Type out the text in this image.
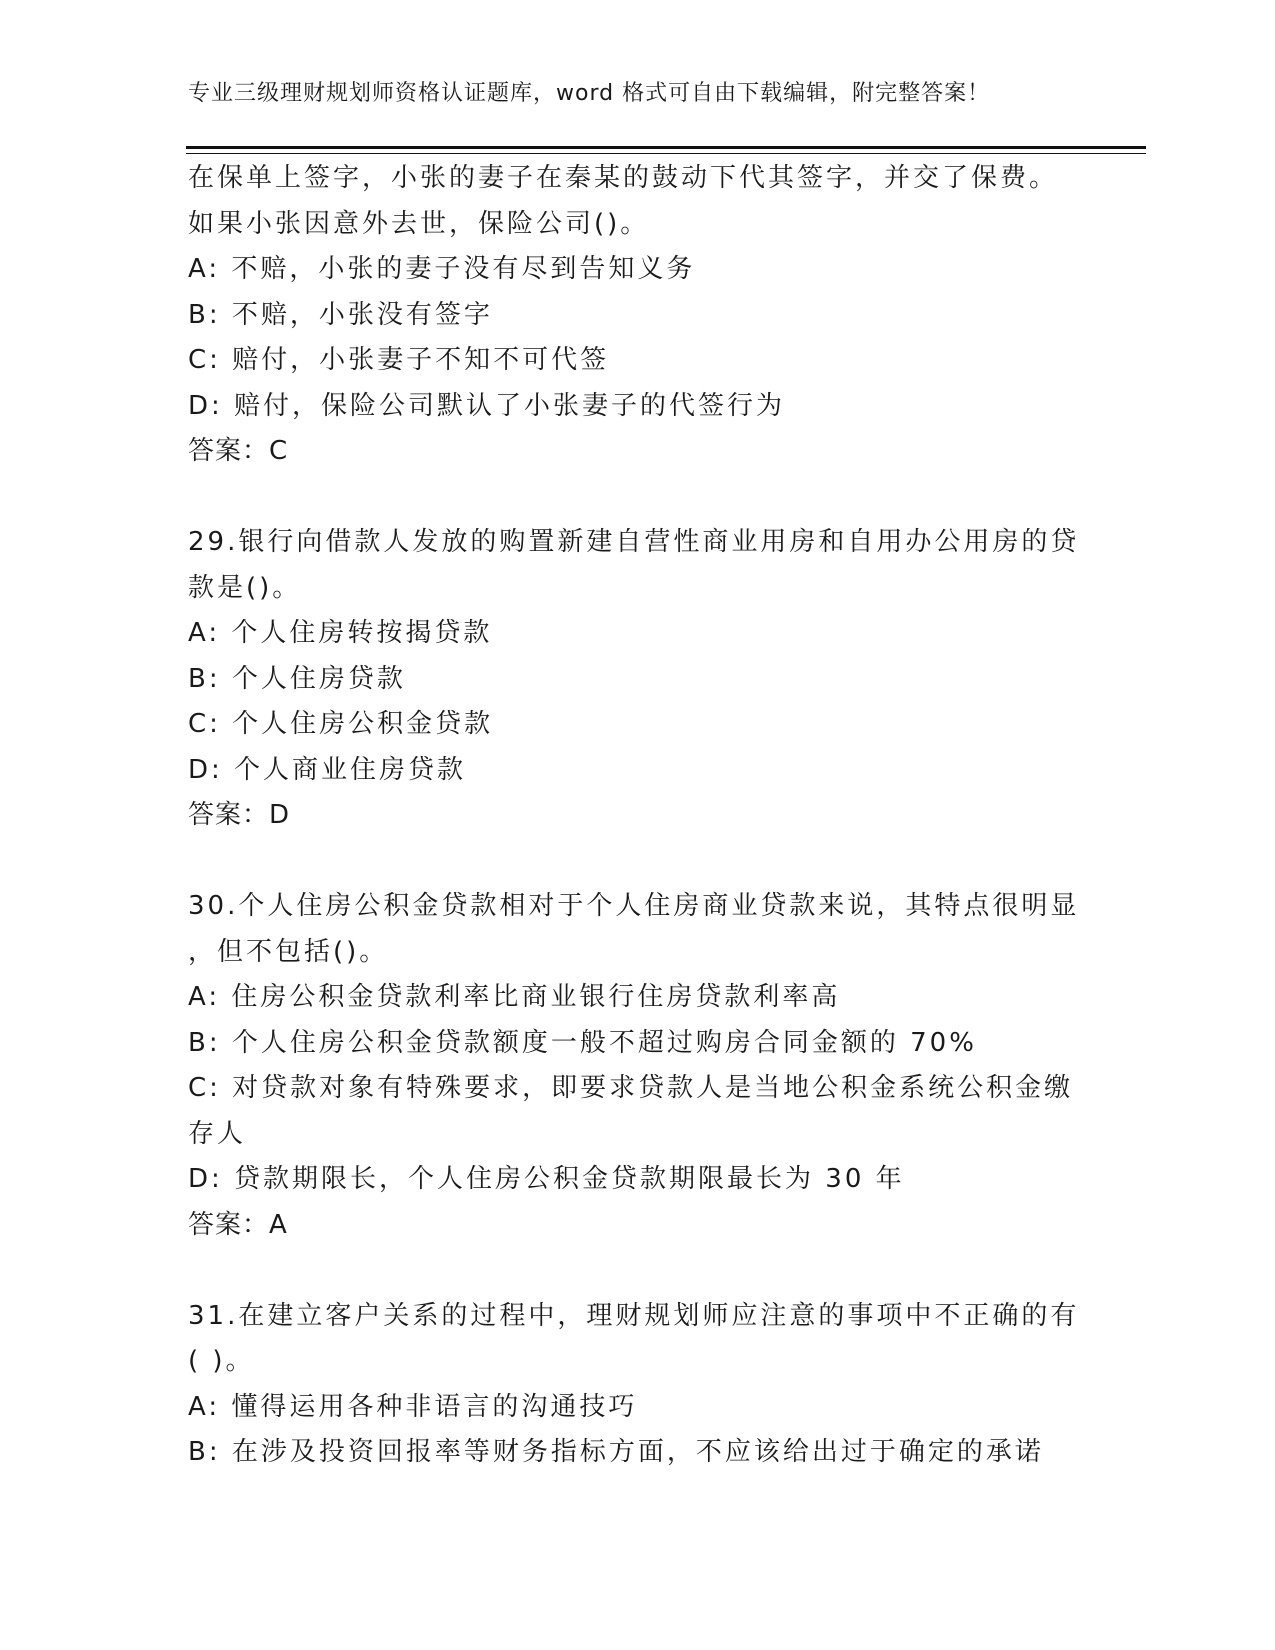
专业三级理财规划师资格认证题库，word 格式可自由下载编辑，附完整答案！
在保单上签字，小张的妻子在秦某的鼓动下代其签字，并交了保费。
如果小张因意外去世，保险公司()。
A: 不赔，小张的妻子没有尽到告知义务
B: 不赔，小张没有签字
C: 赔付，小张妻子不知不可代签
D: 赔付，保险公司默认了小张妻子的代签行为
答案：C
29.银行向借款人发放的购置新建自营性商业用房和自用办公用房的贷
款是()。
A: 个人住房转按揭贷款
B: 个人住房贷款
C: 个人住房公积金贷款
D: 个人商业住房贷款
答案：D
30.个人住房公积金贷款相对于个人住房商业贷款来说，其特点很明显
，但不包括()。
A: 住房公积金贷款利率比商业银行住房贷款利率高
B: 个人住房公积金贷款额度一般不超过购房合同金额的 70%
C: 对贷款对象有特殊要求，即要求贷款人是当地公积金系统公积金缴
存人
D: 贷款期限长，个人住房公积金贷款期限最长为 30 年
答案：A
31.在建立客户关系的过程中，理财规划师应注意的事项中不正确的有
( )。
A: 懂得运用各种非语言的沟通技巧
B: 在涉及投资回报率等财务指标方面，不应该给出过于确定的承诺
